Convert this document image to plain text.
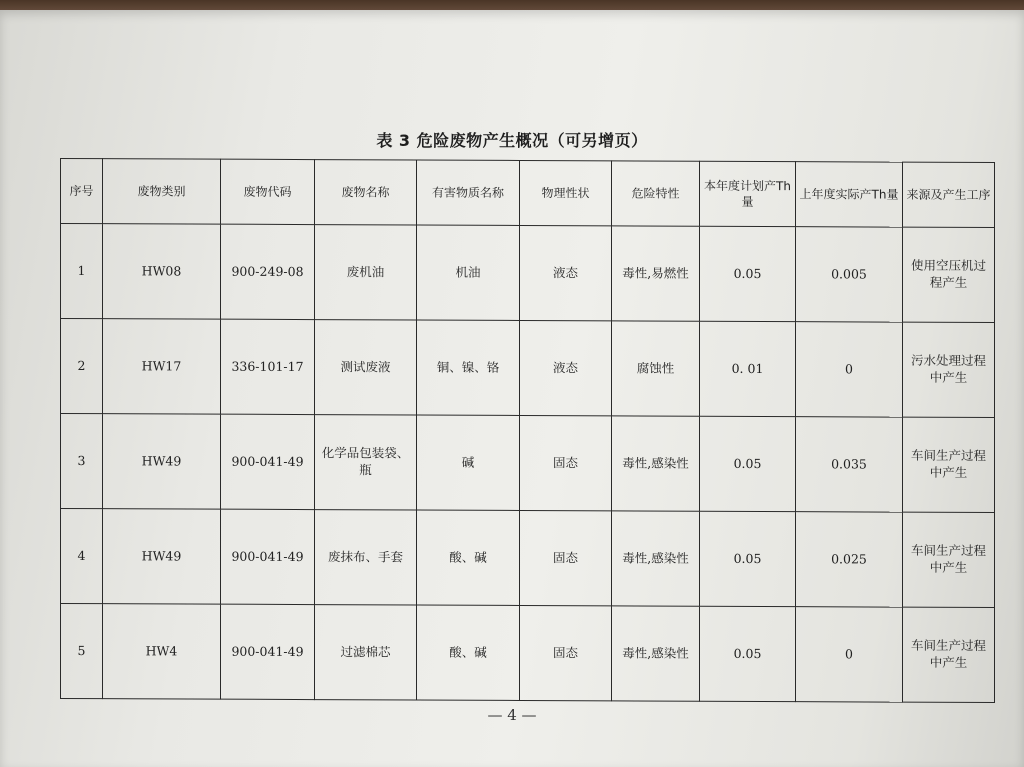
表 3 危险废物产生概况（可另增页）
序号	废物类别	废物代码	废物名称	有害物质名称	物理性状	危险特性	本年度计划产Th量	上年度实际产Th量	来源及产生工序
1	HW08	900-249-08	废机油	机油	液态	毒性,易燃性	0.05	0.005	使用空压机过程产生
2	HW17	336-101-17	测试废液	铜、镍、铬	液态	腐蚀性	0. 01	0	污水处理过程中产生
3	HW49	900-041-49	化学品包装袋、瓶	碱	固态	毒性,感染性	0.05	0.035	车间生产过程中产生
4	HW49	900-041-49	废抹布、手套	酸、碱	固态	毒性,感染性	0.05	0.025	车间生产过程中产生
5	HW4	900-041-49	过滤棉芯	酸、碱	固态	毒性,感染性	0.05	0	车间生产过程中产生
— 4 —
